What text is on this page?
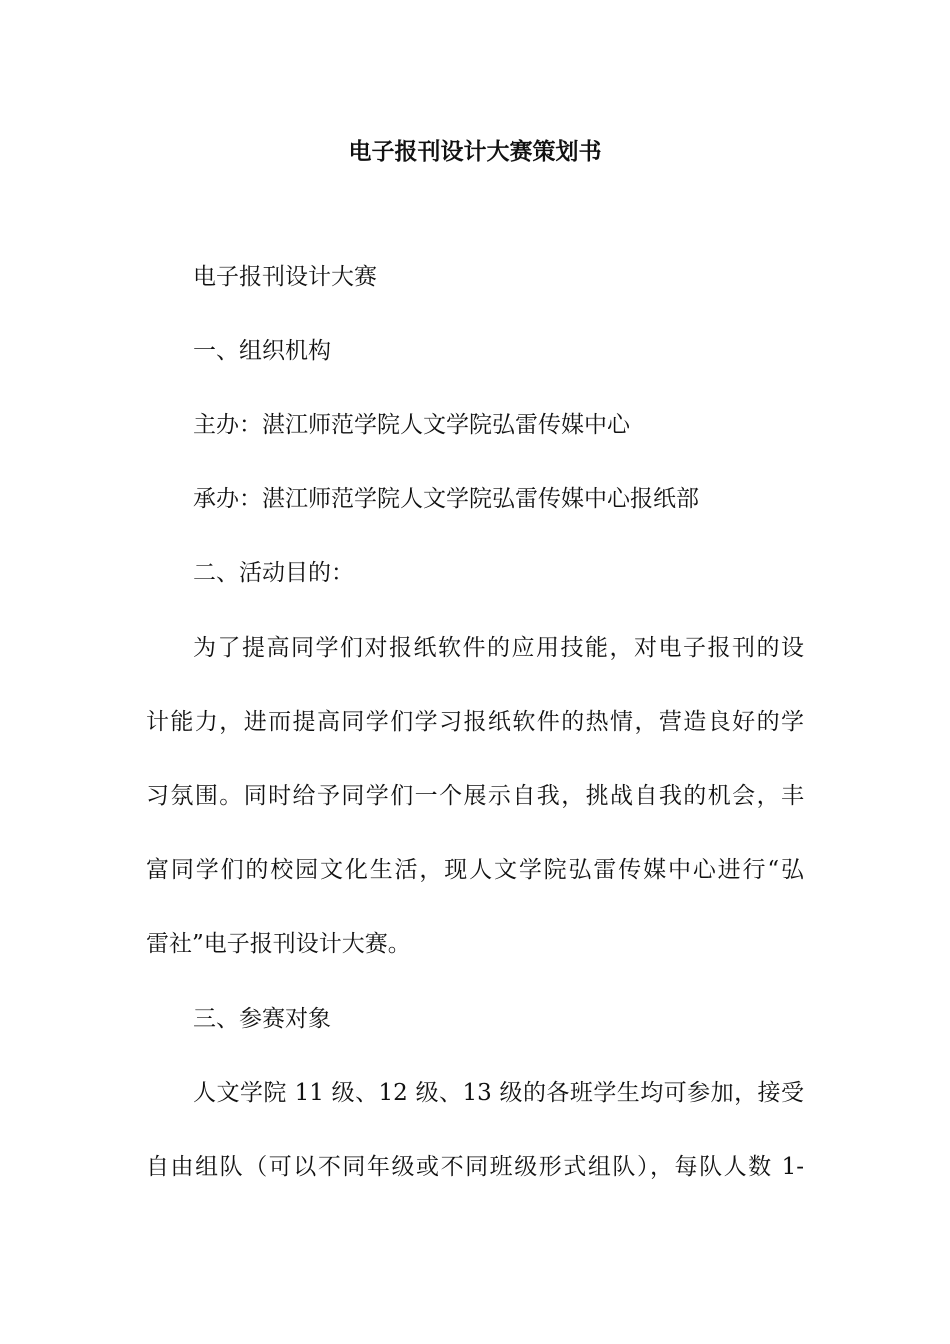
电子报刊设计大赛策划书
电子报刊设计大赛
一、组织机构
主办：湛江师范学院人文学院弘雷传媒中心
承办：湛江师范学院人文学院弘雷传媒中心报纸部
二、活动目的：
为了提高同学们对报纸软件的应用技能，对电子报刊的设
计能力，进而提高同学们学习报纸软件的热情，营造良好的学
习氛围。同时给予同学们一个展示自我，挑战自我的机会，丰
富同学们的校园文化生活，现人文学院弘雷传媒中心进行“弘
雷社”电子报刊设计大赛。
三、参赛对象
人文学院 11 级、12 级、13 级的各班学生均可参加，接受
自由组队（可以不同年级或不同班级形式组队），每队人数 1-
